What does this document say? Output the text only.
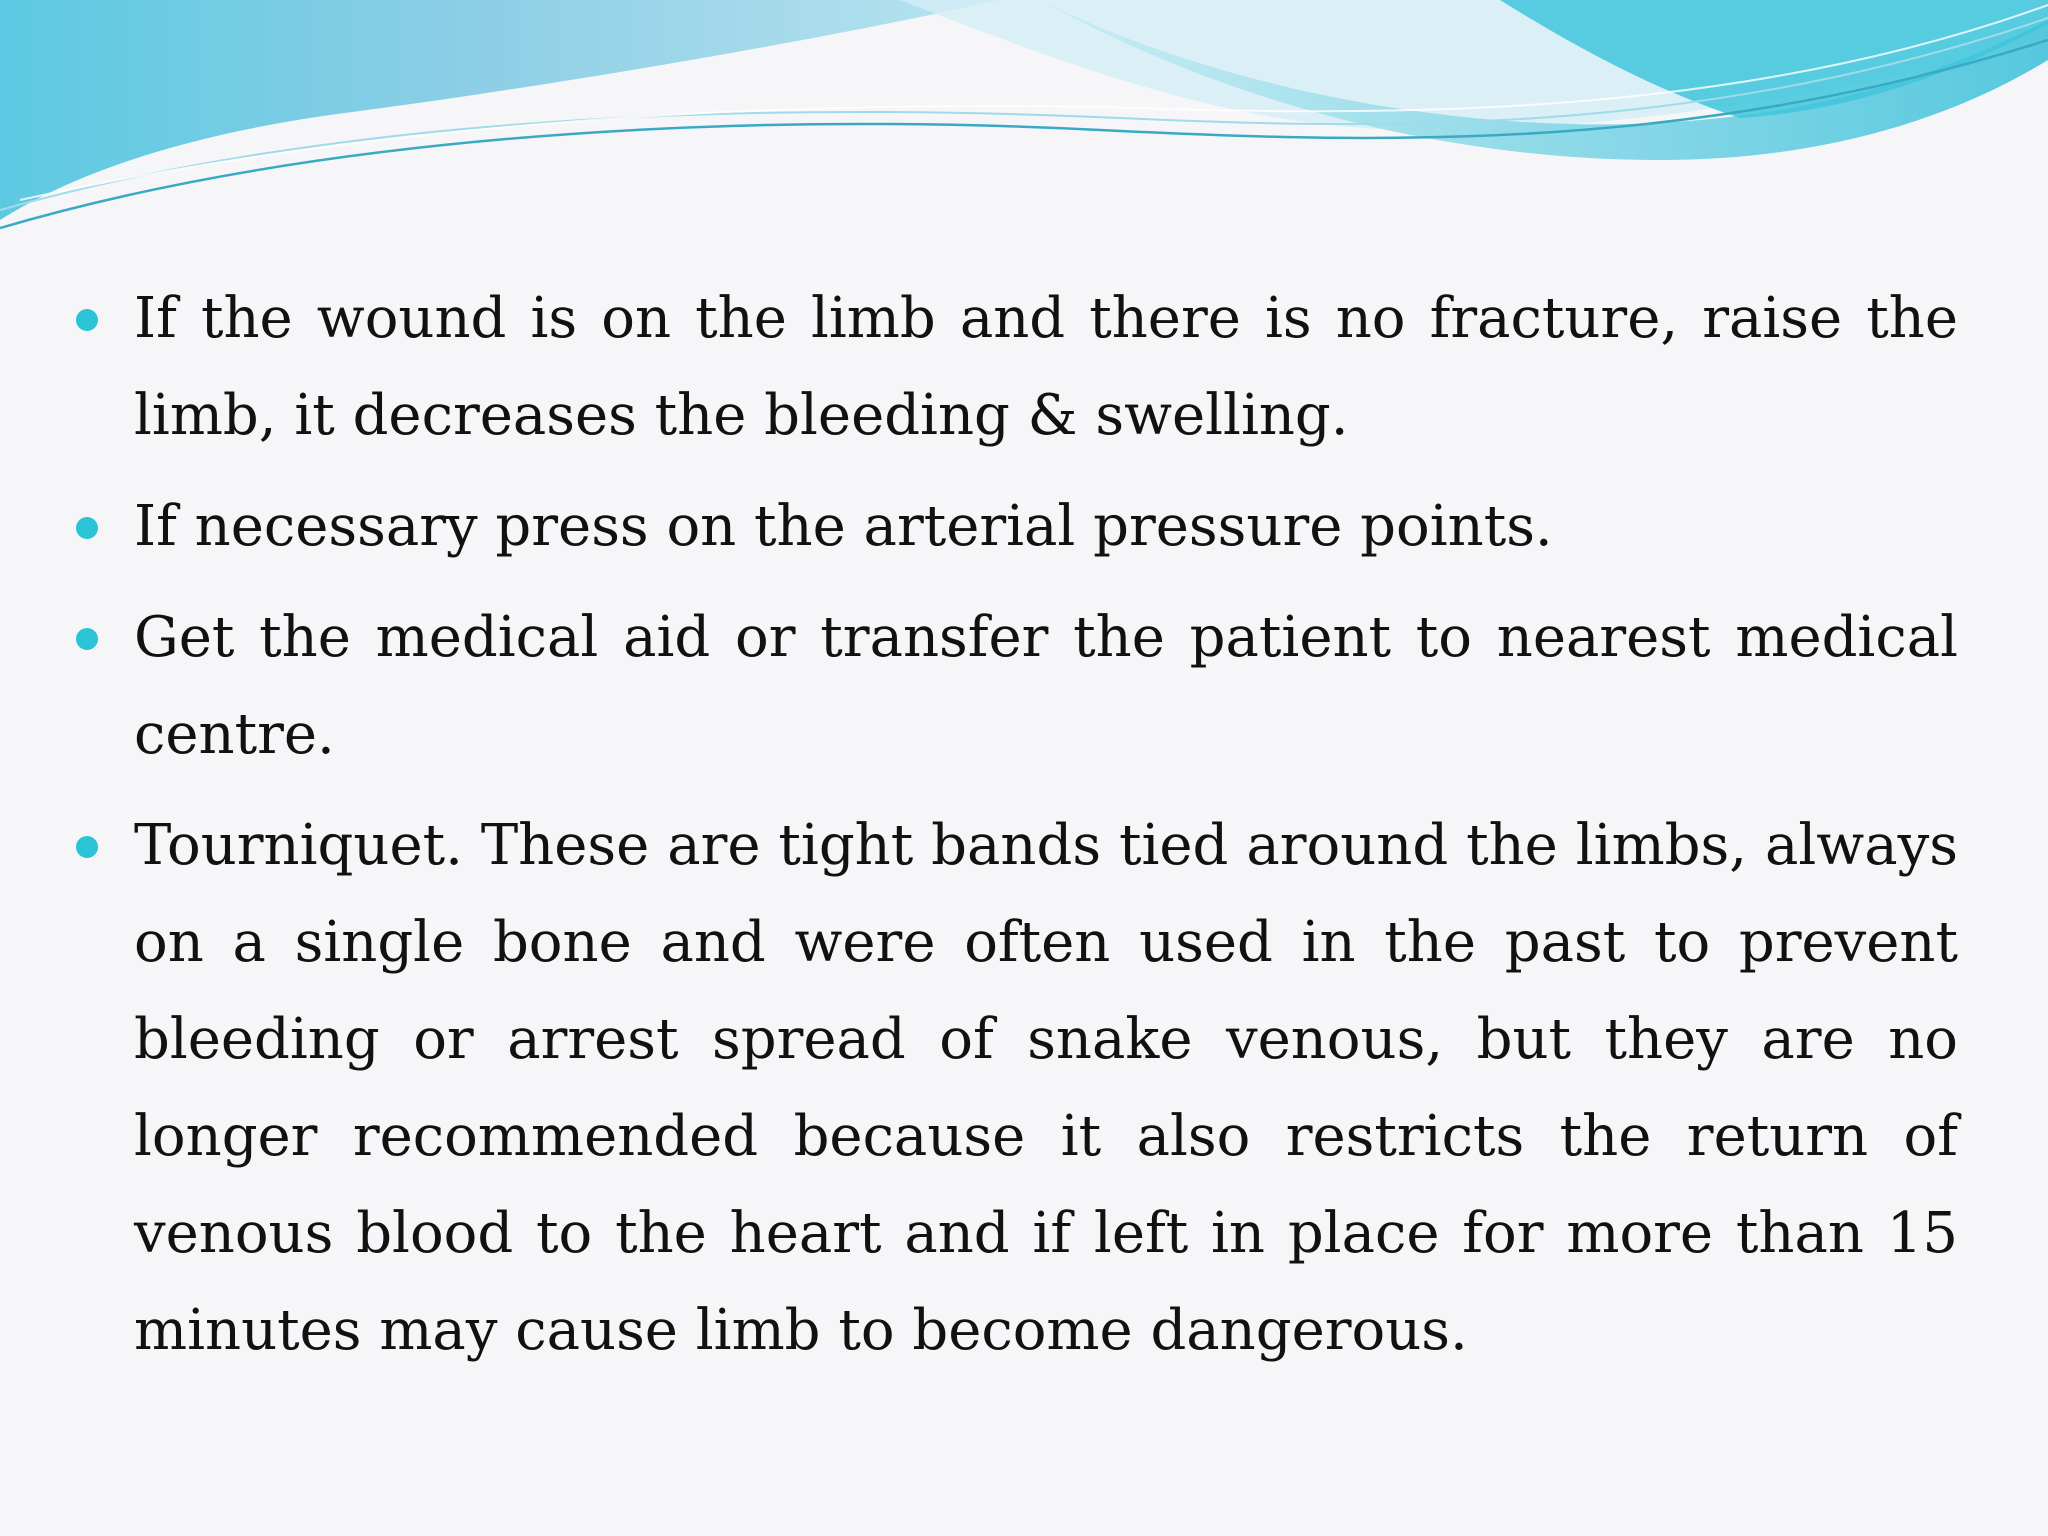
If the wound is on the limb and there is no fracture, raise the limb, it decreases the bleeding & swelling.
If necessary press on the arterial pressure points.
Get the medical aid or transfer the patient to nearest medical centre.
Tourniquet. These are tight bands tied around the limbs, always on a single bone and were often used in the past to prevent bleeding or arrest spread of snake venous, but they are no longer recommended because it also restricts the return of venous blood to the heart and if left in place for more than 15 minutes may cause limb to become dangerous.
